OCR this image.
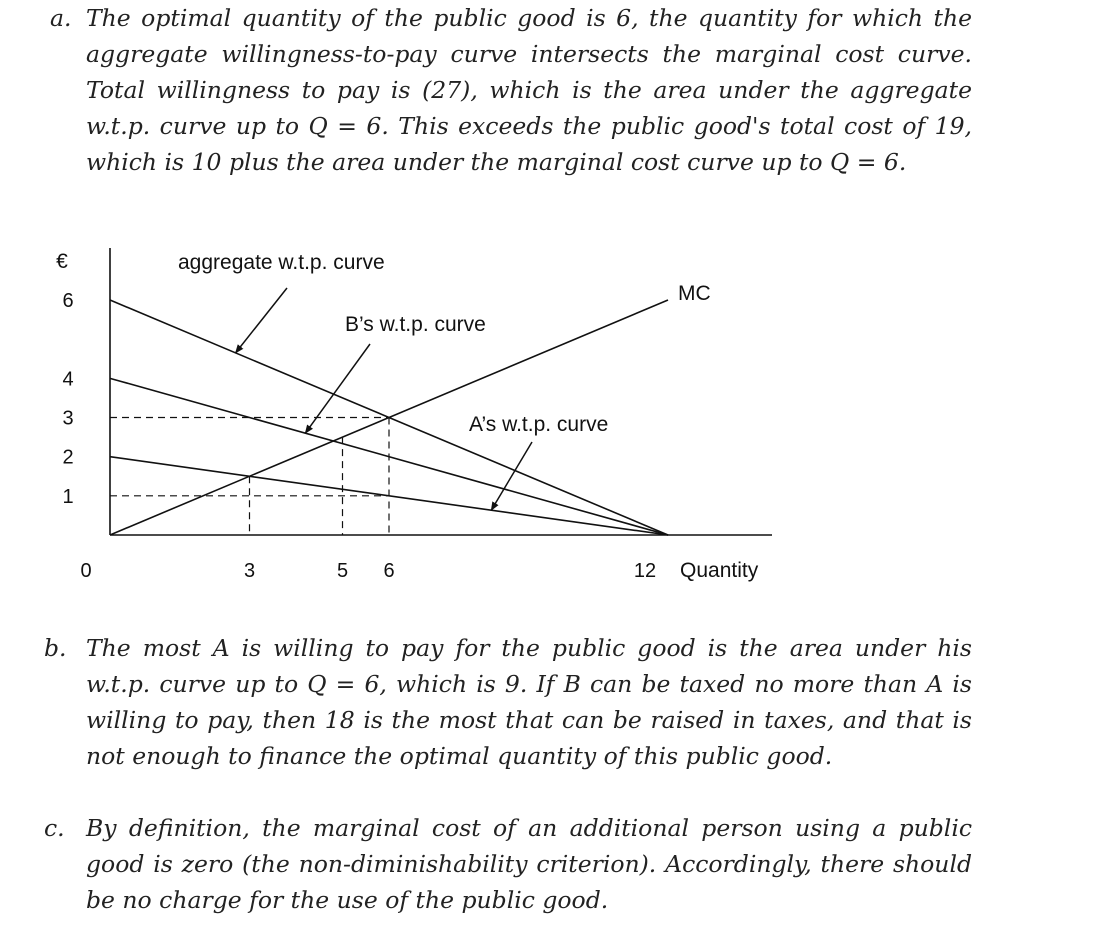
a. The optimal quantity of the public good is 6, the quantity for which the aggregate willingness-to-pay curve intersects the marginal cost curve. Total willingness to pay is (27), which is the area under the aggregate w.t.p. curve up to Q = 6. This exceeds the public good's total cost of 19, which is 10 plus the area under the marginal cost curve up to Q = 6.
aggregate w.t.p. curve
B’s w.t.p. curve
A’s w.t.p. curve
MC
€
6
4
3
2
1
0	3	5 6	12 Quantity
b. The most A is willing to pay for the public good is the area under his w.t.p. curve up to Q = 6, which is 9. If B can be taxed no more than A is willing to pay, then 18 is the most that can be raised in taxes, and that is not enough to finance the optimal quantity of this public good.
c. By definition, the marginal cost of an additional person using a public good is zero (the non-diminishability criterion). Accordingly, there should be no charge for the use of the public good.
